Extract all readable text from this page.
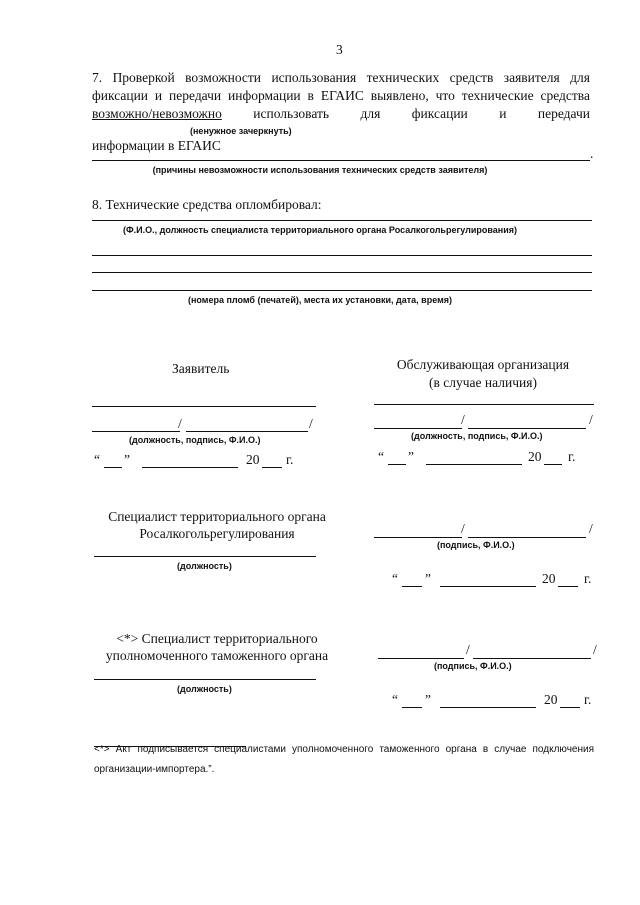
3
7. Проверкой возможности использования технических средств заявителя для
фиксации и передачи информации в ЕГАИС выявлено, что технические средства
возможно/невозможно использовать для фиксации и передачи
(ненужное зачеркнуть)
информации в ЕГАИС
.
(причины невозможности использования технических средств заявителя)
8. Технические средства опломбировал:
(Ф.И.О., должность специалиста территориального органа Росалкогольрегулирования)
(номера пломб (печатей), места их установки, дата, время)
Заявитель
/	/
(должность, подпись, Ф.И.О.)
“ ”	20 г.
Обслуживающая организация
(в случае наличия)
/	/
(должность, подпись, Ф.И.О.)
“ ”	20 г.
Специалист территориального органа
Росалкогольрегулирования
(должность)
/	/
(подпись, Ф.И.О.)
“ ”	20 г.
<*> Специалист территориального
уполномоченного таможенного органа
(должность)
/	/
(подпись, Ф.И.О.)
“ ”	20 г.
<*> Акт подписывается специалистами уполномоченного таможенного органа в случае подключения
организации-импортера.”.
